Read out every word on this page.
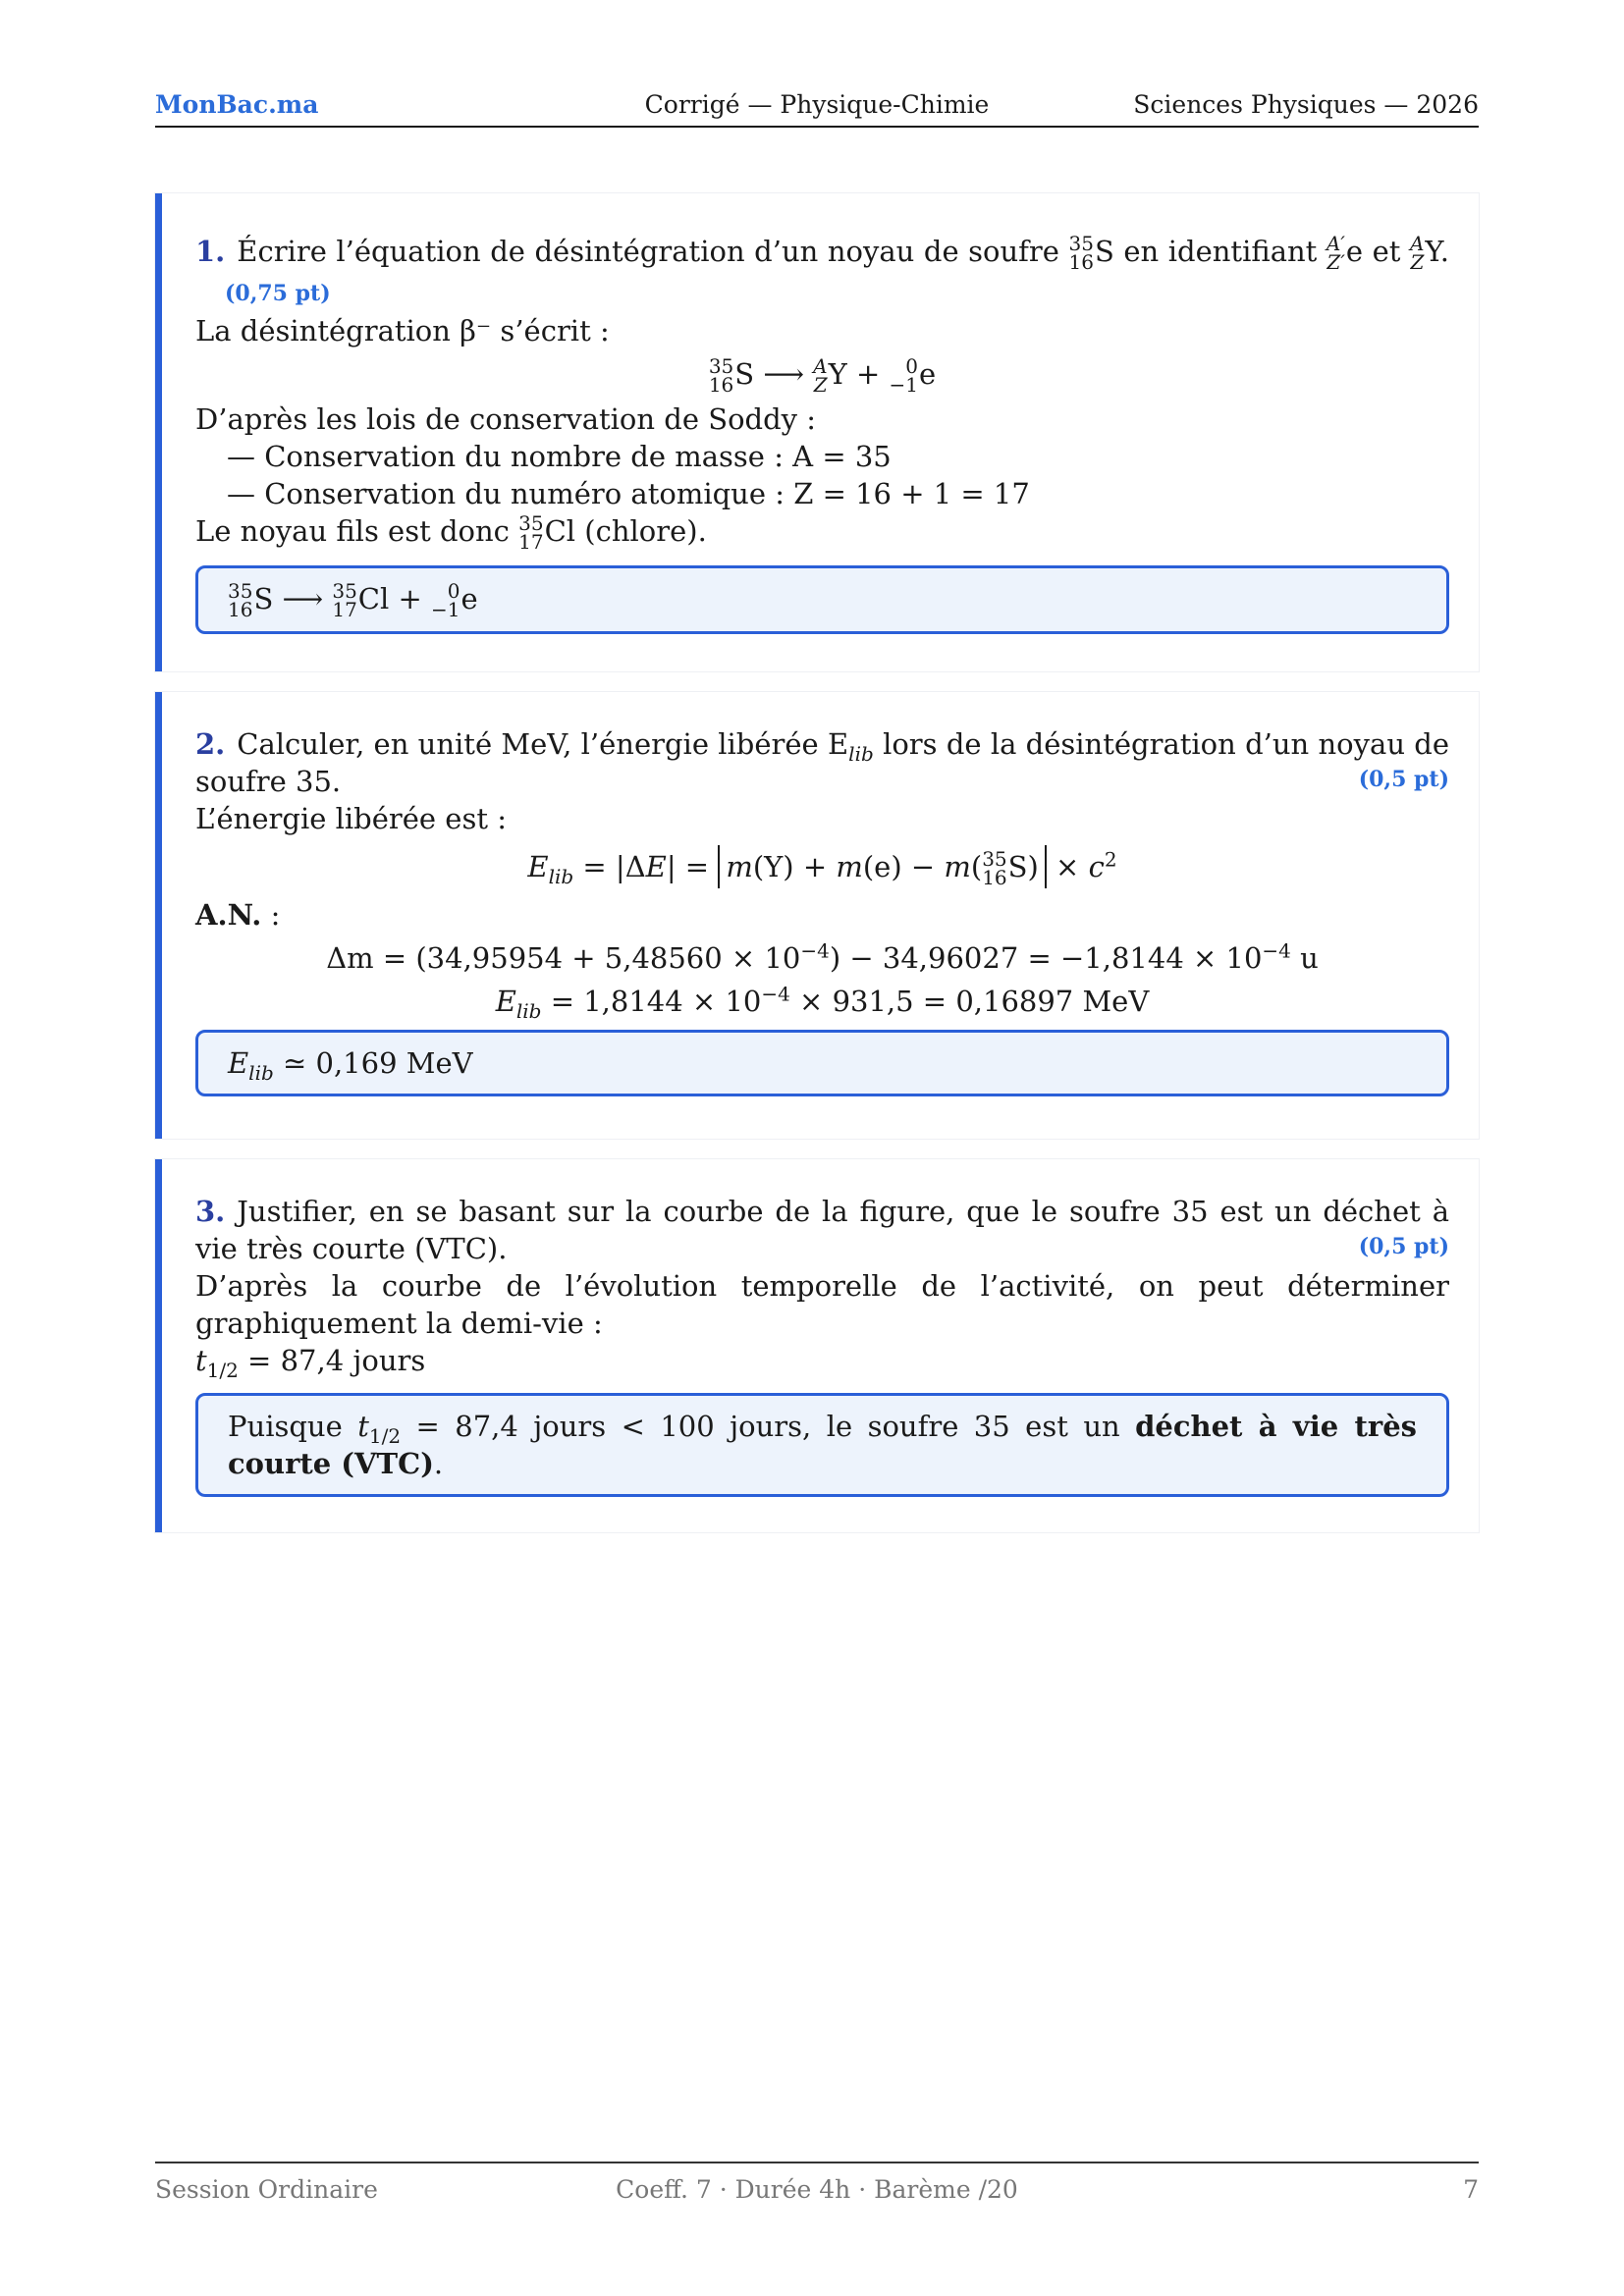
MonBac.ma	Corrigé — Physique-Chimie	Sciences Physiques — 2026
1. Écrire l’équation de désintégration d’un noyau de soufre 35
16 S en identifiant A′
Z′ e et A
Z Y. (0,75 pt)
La désintégration β⁻ s’écrit :
35
16 S ⟶ A
Z Y + 0
−1 e
D’après les lois de conservation de Soddy :
— Conservation du nombre de masse : A = 35
— Conservation du numéro atomique : Z = 16 + 1 = 17
Le noyau fils est donc 35
17 Cl (chlore).
35
16 S ⟶ 35
17 Cl + 0
−1 e
2. Calculer, en unité MeV, l’énergie libérée $E_{lib}$ lors de la désintégration d’un noyau de soufre 35.	(0,5 pt)
L’énergie libérée est :
$E_{lib} = |\Delta E| = m(Y) + m(e) - m$( 35
16 $S) \times c^2$
A.N. :
$\Delta m = (34,95954 + 5,48560 \times 10^{-4}) - 34,96027 = -1,8144 \times 10^{-4}$ u
$E_{lib} = 1,8144 \times 10^{-4} \times 931,5 = 0,16897$ MeV
$E_{lib}$ ≃ 0,169 MeV
3. Justifier, en se basant sur la courbe de la figure, que le soufre 35 est un déchet à vie très courte (VTC).	(0,5 pt)
D’après la courbe de l’évolution temporelle de l’activité, on peut déterminer graphiquement la demi-vie :
$t_{1/2} = 87,4$ jours
Puisque $t_{1/2} = 87,4$ jours < 100 jours, le soufre 35 est un déchet à vie très courte (VTC).
Session Ordinaire	Coeff. 7 · Durée 4h · Barème /20	7
